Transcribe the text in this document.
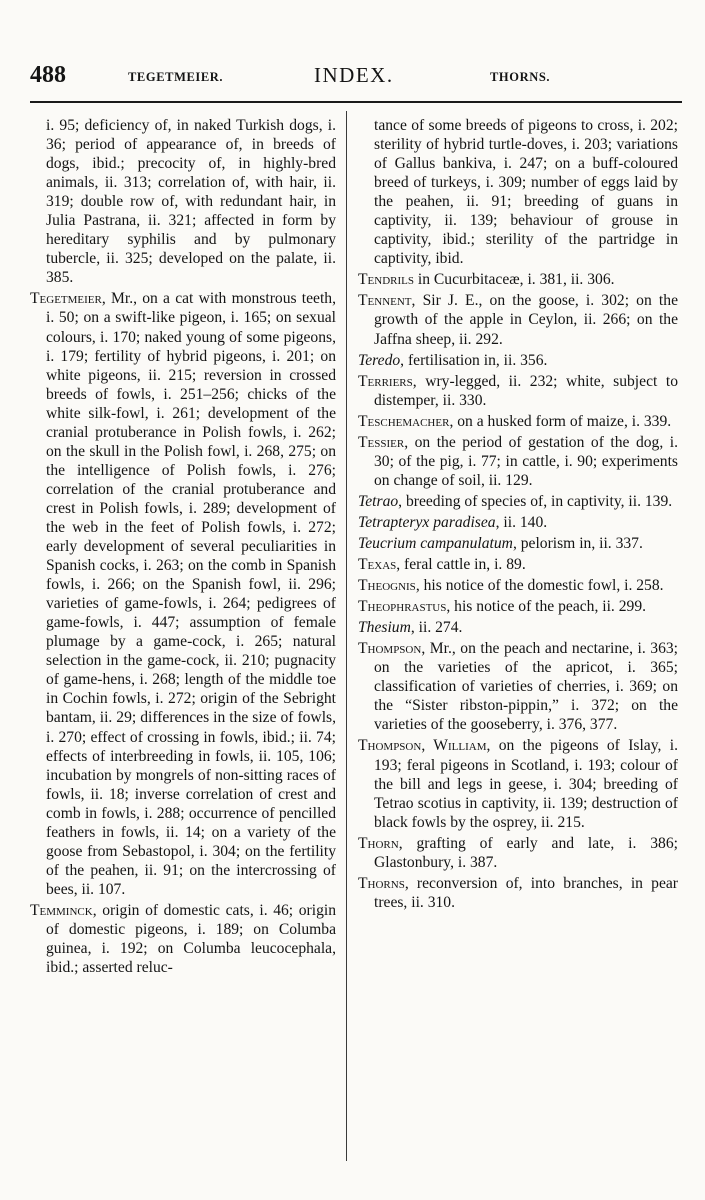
488	TEGETMEIER.	INDEX.	THORNS.

i. 95; deficiency of, in naked Turkish dogs, i. 36; period of appearance of, in breeds of dogs, ibid.; precocity of, in highly-bred animals, ii. 313; correlation of, with hair, ii. 319; double row of, with redundant hair, in Julia Pastrana, ii. 321; affected in form by hereditary syphilis and by pulmonary tubercle, ii. 325; developed on the palate, ii. 385.

Tegetmeier, Mr., on a cat with monstrous teeth, i. 50; on a swift-like pigeon, i. 165; on sexual colours, i. 170; naked young of some pigeons, i. 179; fertility of hybrid pigeons, i. 201; on white pigeons, ii. 215; reversion in crossed breeds of fowls, i. 251–256; chicks of the white silk-fowl, i. 261; development of the cranial protuberance in Polish fowls, i. 262; on the skull in the Polish fowl, i. 268, 275; on the intelligence of Polish fowls, i. 276; correlation of the cranial protuberance and crest in Polish fowls, i. 289; development of the web in the feet of Polish fowls, i. 272; early development of several peculiarities in Spanish cocks, i. 263; on the comb in Spanish fowls, i. 266; on the Spanish fowl, ii. 296; varieties of game-fowls, i. 264; pedigrees of game-fowls, i. 447; assumption of female plumage by a game-cock, i. 265; natural selection in the game-cock, ii. 210; pugnacity of game-hens, i. 268; length of the middle toe in Cochin fowls, i. 272; origin of the Sebright bantam, ii. 29; differences in the size of fowls, i. 270; effect of crossing in fowls, ibid.; ii. 74; effects of interbreeding in fowls, ii. 105, 106; incubation by mongrels of non-sitting races of fowls, ii. 18; inverse correlation of crest and comb in fowls, i. 288; occurrence of pencilled feathers in fowls, ii. 14; on a variety of the goose from Sebastopol, i. 304; on the fertility of the peahen, ii. 91; on the intercrossing of bees, ii. 107.

Temminck, origin of domestic cats, i. 46; origin of domestic pigeons, i. 189; on Columba guinea, i. 192; on Columba leucocephala, ibid.; asserted reluc-

tance of some breeds of pigeons to cross, i. 202; sterility of hybrid turtle-doves, i. 203; variations of Gallus bankiva, i. 247; on a buff-coloured breed of turkeys, i. 309; number of eggs laid by the peahen, ii. 91; breeding of guans in captivity, ii. 139; behaviour of grouse in captivity, ibid.; sterility of the partridge in captivity, ibid.

Tendrils in Cucurbitaceæ, i. 381, ii. 306.

Tennent, Sir J. E., on the goose, i. 302; on the growth of the apple in Ceylon, ii. 266; on the Jaffna sheep, ii. 292.

Teredo, fertilisation in, ii. 356.

Terriers, wry-legged, ii. 232; white, subject to distemper, ii. 330.

Teschemacher, on a husked form of maize, i. 339.

Tessier, on the period of gestation of the dog, i. 30; of the pig, i. 77; in cattle, i. 90; experiments on change of soil, ii. 129.

Tetrao, breeding of species of, in captivity, ii. 139.

Tetrapteryx paradisea, ii. 140.

Teucrium campanulatum, pelorism in, ii. 337.

Texas, feral cattle in, i. 89.

Theognis, his notice of the domestic fowl, i. 258.

Theophrastus, his notice of the peach, ii. 299.

Thesium, ii. 274.

Thompson, Mr., on the peach and nectarine, i. 363; on the varieties of the apricot, i. 365; classification of varieties of cherries, i. 369; on the “Sister ribston-pippin,” i. 372; on the varieties of the gooseberry, i. 376, 377.

Thompson, William, on the pigeons of Islay, i. 193; feral pigeons in Scotland, i. 193; colour of the bill and legs in geese, i. 304; breeding of Tetrao scotius in captivity, ii. 139; destruction of black fowls by the osprey, ii. 215.

Thorn, grafting of early and late, i. 386; Glastonbury, i. 387.

Thorns, reconversion of, into branches, in pear trees, ii. 310.
